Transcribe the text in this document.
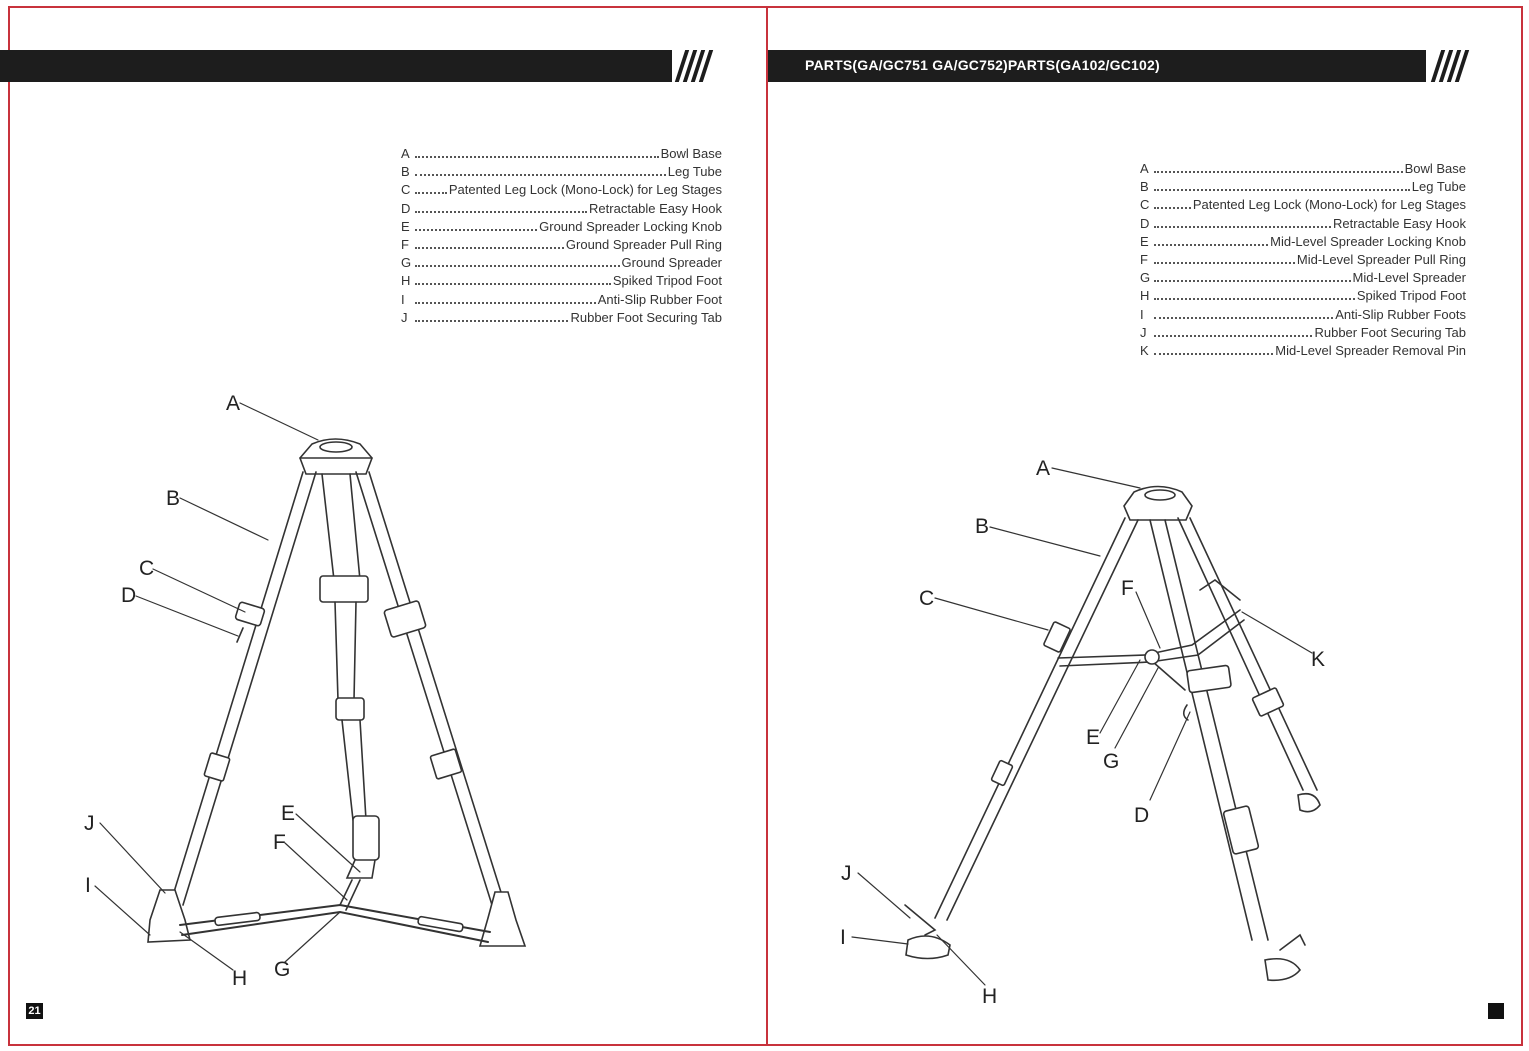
PARTS(GA/GC751 GA/GC752)PARTS(GA102/GC102)
A	Bowl Base
B	Leg Tube
C	Patented Leg Lock (Mono-Lock) for Leg Stages
D	Retractable Easy Hook
E	Ground Spreader Locking Knob
F	Ground Spreader Pull Ring
G	Ground Spreader
H	Spiked Tripod Foot
I	Anti-Slip Rubber Foot
J	Rubber Foot Securing Tab
A	Bowl Base
B	Leg Tube
C	Patented Leg Lock (Mono-Lock) for Leg Stages
D	Retractable Easy Hook
E	Mid-Level Spreader Locking Knob
F	Mid-Level Spreader Pull Ring
G	Mid-Level Spreader
H	Spiked Tripod Foot
I	Anti-Slip Rubber Foots
J	Rubber Foot Securing Tab
K	Mid-Level Spreader Removal Pin
A
B
C
D
E
F
G
H
I
J
A
B
C
D
E
F
G
H
I
J
K
21
